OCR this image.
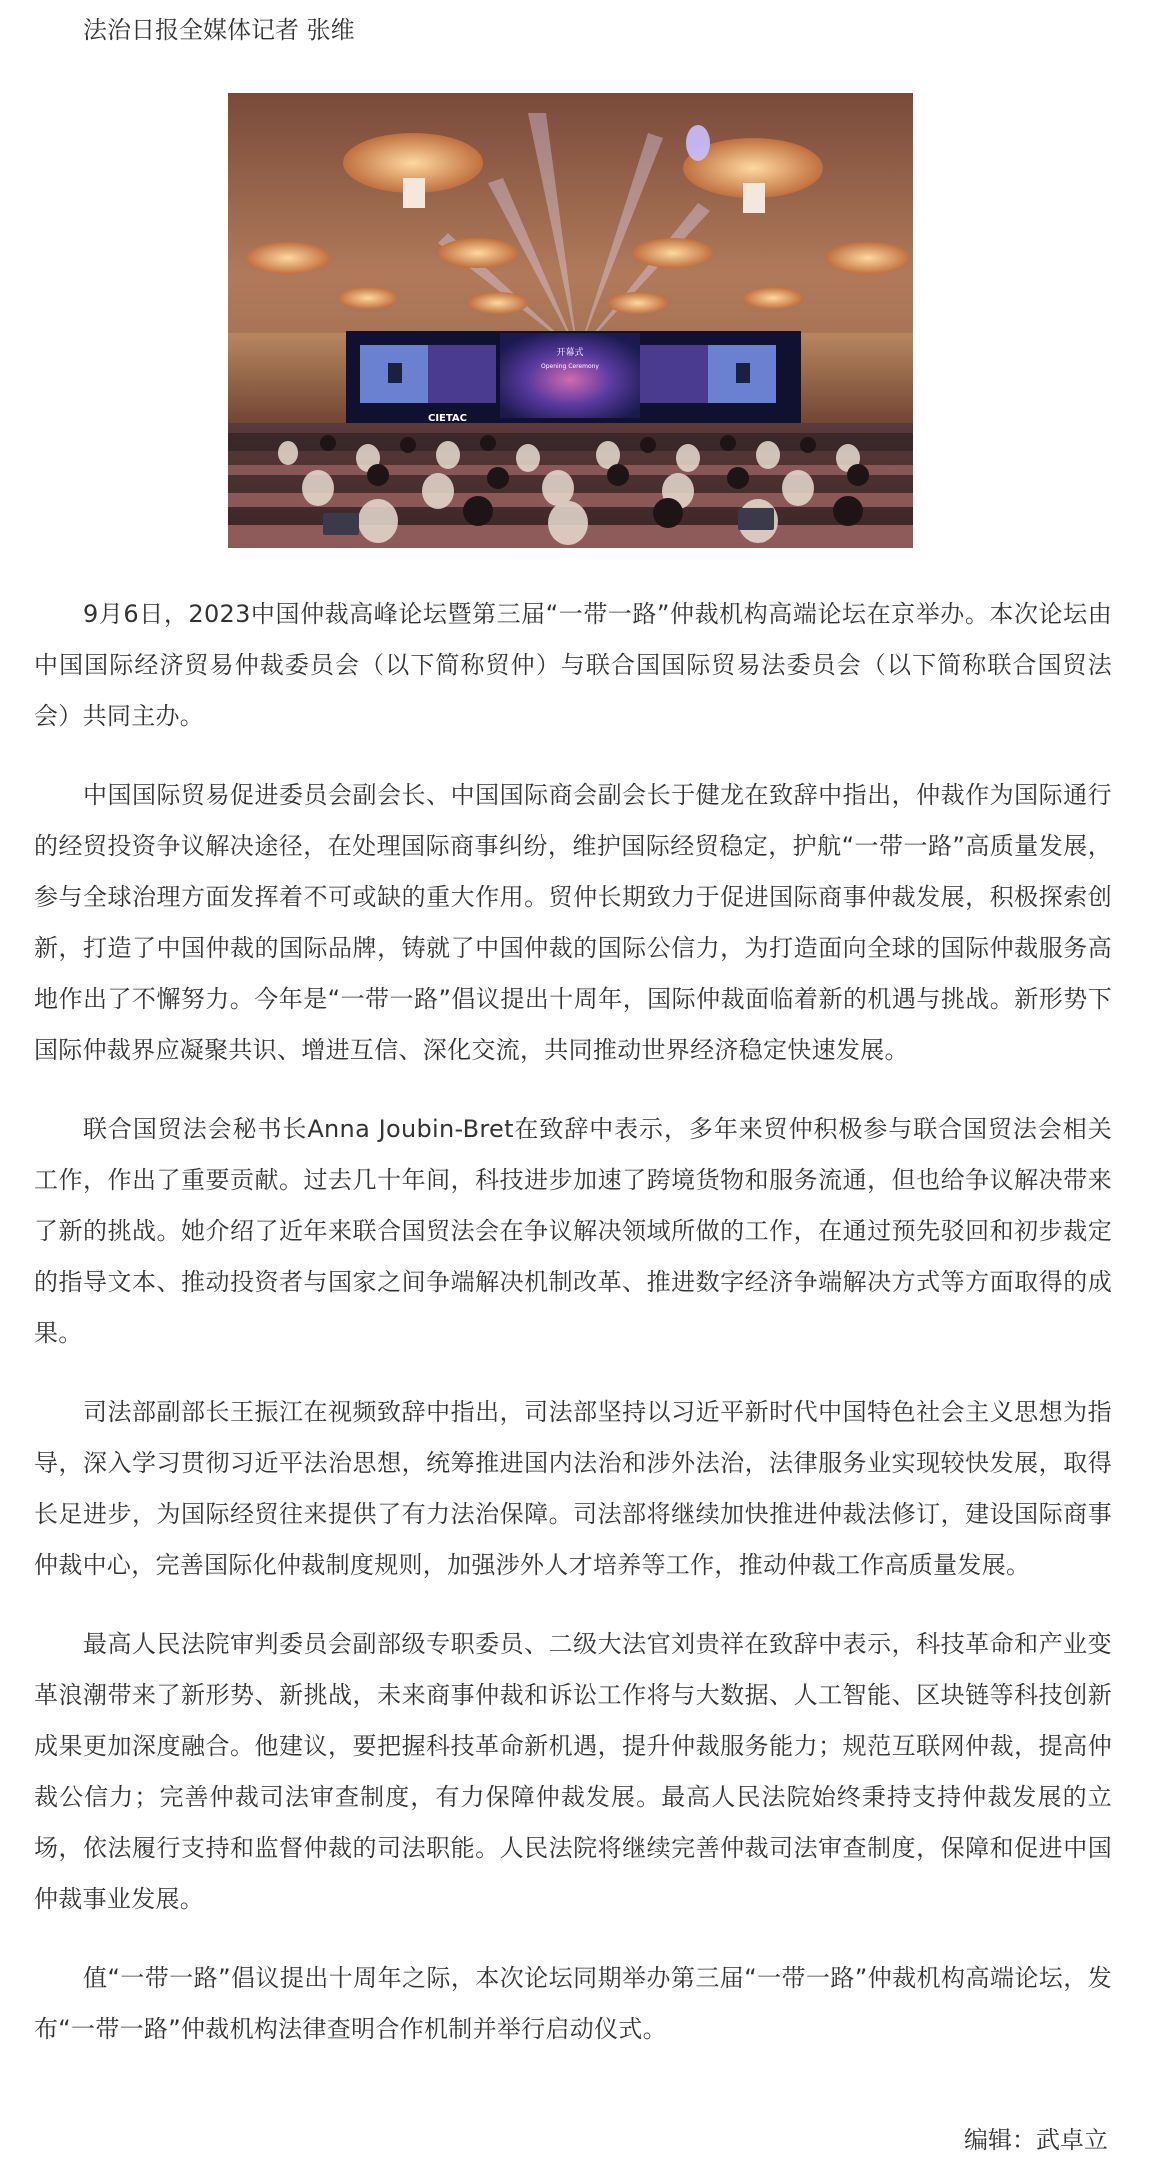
法治日报全媒体记者 张维
开幕式
Opening Ceremony
CIETAC

9月6日，2023中国仲裁高峰论坛暨第三届“一带一路”仲裁机构高端论坛在京举办。本次论坛由中国国际经济贸易仲裁委员会（以下简称贸仲）与联合国国际贸易法委员会（以下简称联合国贸法会）共同主办。

中国国际贸易促进委员会副会长、中国国际商会副会长于健龙在致辞中指出，仲裁作为国际通行的经贸投资争议解决途径，在处理国际商事纠纷，维护国际经贸稳定，护航“一带一路”高质量发展，参与全球治理方面发挥着不可或缺的重大作用。贸仲长期致力于促进国际商事仲裁发展，积极探索创新，打造了中国仲裁的国际品牌，铸就了中国仲裁的国际公信力，为打造面向全球的国际仲裁服务高地作出了不懈努力。今年是“一带一路”倡议提出十周年，国际仲裁面临着新的机遇与挑战。新形势下国际仲裁界应凝聚共识、增进互信、深化交流，共同推动世界经济稳定快速发展。

联合国贸法会秘书长Anna Joubin-Bret在致辞中表示，多年来贸仲积极参与联合国贸法会相关工作，作出了重要贡献。过去几十年间，科技进步加速了跨境货物和服务流通，但也给争议解决带来了新的挑战。她介绍了近年来联合国贸法会在争议解决领域所做的工作，在通过预先驳回和初步裁定的指导文本、推动投资者与国家之间争端解决机制改革、推进数字经济争端解决方式等方面取得的成果。

司法部副部长王振江在视频致辞中指出，司法部坚持以习近平新时代中国特色社会主义思想为指导，深入学习贯彻习近平法治思想，统筹推进国内法治和涉外法治，法律服务业实现较快发展，取得长足进步，为国际经贸往来提供了有力法治保障。司法部将继续加快推进仲裁法修订，建设国际商事仲裁中心，完善国际化仲裁制度规则，加强涉外人才培养等工作，推动仲裁工作高质量发展。

最高人民法院审判委员会副部级专职委员、二级大法官刘贵祥在致辞中表示，科技革命和产业变革浪潮带来了新形势、新挑战，未来商事仲裁和诉讼工作将与大数据、人工智能、区块链等科技创新成果更加深度融合。他建议，要把握科技革命新机遇，提升仲裁服务能力；规范互联网仲裁，提高仲裁公信力；完善仲裁司法审查制度，有力保障仲裁发展。最高人民法院始终秉持支持仲裁发展的立场，依法履行支持和监督仲裁的司法职能。人民法院将继续完善仲裁司法审查制度，保障和促进中国仲裁事业发展。

值“一带一路”倡议提出十周年之际，本次论坛同期举办第三届“一带一路”仲裁机构高端论坛，发布“一带一路”仲裁机构法律查明合作机制并举行启动仪式。

编辑：武卓立
